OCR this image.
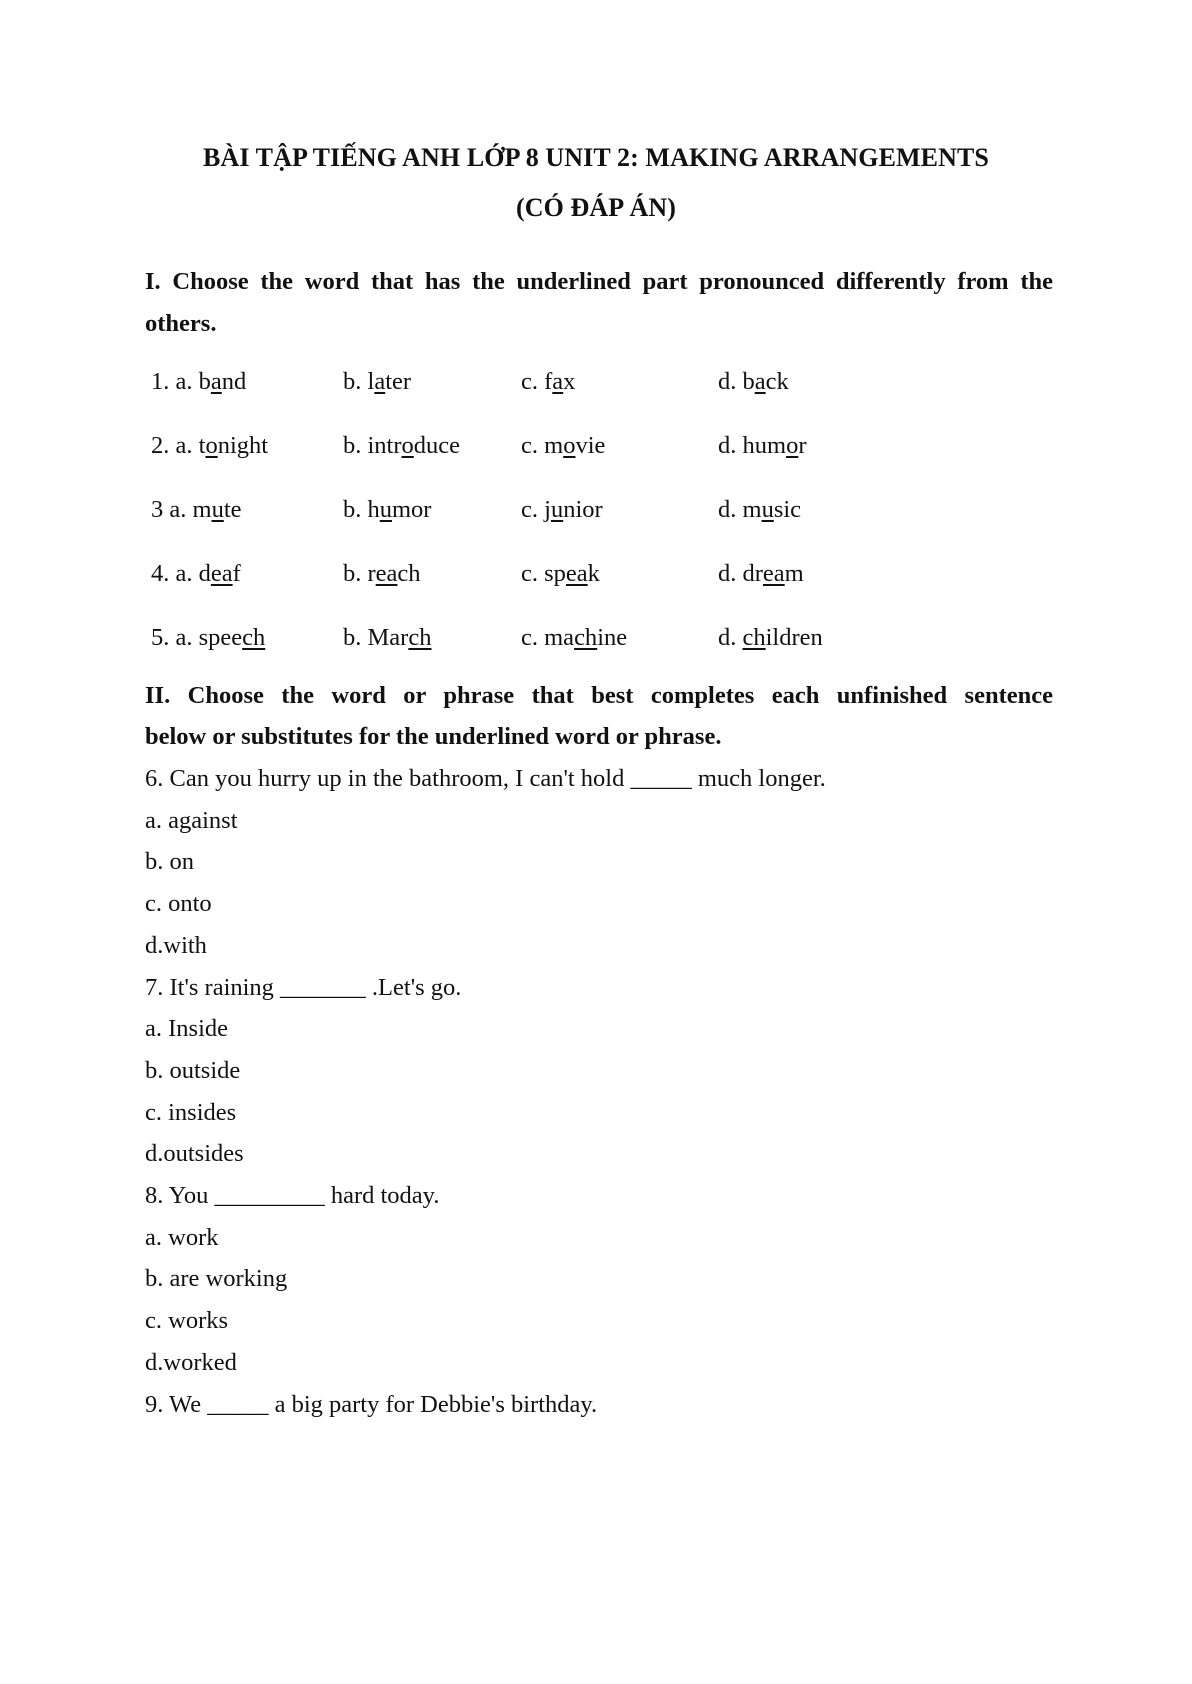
BÀI TẬP TIẾNG ANH LỚP 8 UNIT 2: MAKING ARRANGEMENTS
(CÓ ĐÁP ÁN)
I. Choose the word that has the underlined part pronounced differently from the
others.
1. a. band	b. later	c. fax	d. back
2. a. tonight	b. introduce c. movie	d. humor
3 a. mute	b. humor	c. junior	d. music
4. a. deaf	b. reach	c. speak	d. dream
5. a. speech	b. March	c. machine	d. children
II. Choose the word or phrase that best completes each unfinished sentence
below or substitutes for the underlined word or phrase.
6. Can you hurry up in the bathroom, I can't hold _____ much longer.
a. against
b. on
c. onto
d.with
7. It's raining _______ .Let's go.
a. Inside
b. outside
c. insides
d.outsides
8. You _________ hard today.
a. work
b. are working
c. works
d.worked
9. We _____ a big party for Debbie's birthday.
